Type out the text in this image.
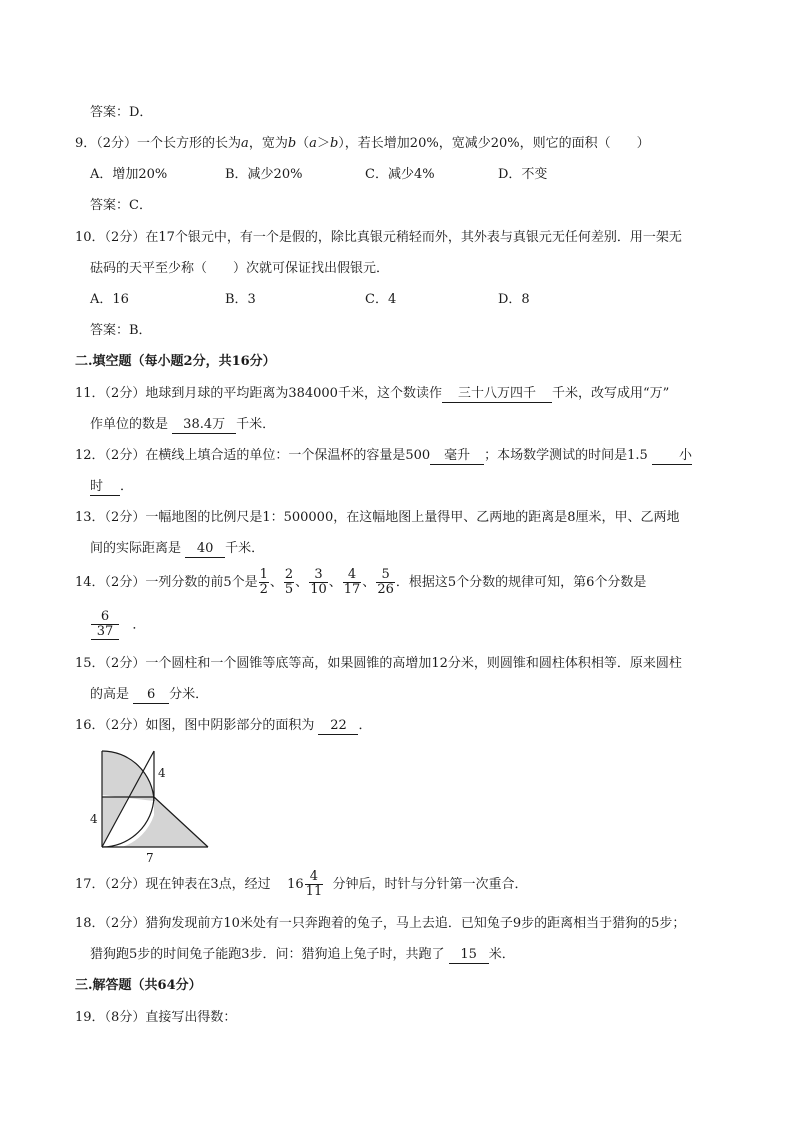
答案：D．
9．（2分）一个长方形的长为a，宽为b（a＞b），若长增加20%，宽减少20%，则它的面积（　　）
A．增加20%	B．减少20%	C．减少4%	D．不变
答案：C．
10．（2分）在17个银元中，有一个是假的，除比真银元稍轻而外，其外表与真银元无任何差别．用一架无
砝码的天平至少称（　　）次就可保证找出假银元．
A．16	B．3	C．4	D．8
答案：B．
二.填空题（每小题2分，共16分）
11．（2分）地球到月球的平均距离为384000千米，这个数读作 三十八万四千 千米，改写成用“万”
作单位的数是 38.4万 千米．
12．（2分）在横线上填合适的单位：一个保温杯的容量是500 毫升 ；本场数学测试的时间是1.5 小
时 ．
13．（2分）一幅地图的比例尺是1：500000，在这幅地图上量得甲、乙两地的距离是8厘米，甲、乙两地
间的实际距离是 40 千米．
14．（2分）一列分数的前5个是 $\frac{1}{2}$ 、 $\frac{2}{5}$ 、 $\frac{3}{10}$ 、 $\frac{4}{17}$ 、 $\frac{5}{26}$ ．根据这5个分数的规律可知，第6个分数是
$\frac{6}{37}$ ．
15．（2分）一个圆柱和一个圆锥等底等高，如果圆锥的高增加12分米，则圆锥和圆柱体积相等．原来圆柱
的高是 6 分米．
16．（2分）如图，图中阴影部分的面积为 22 ．
4
4
7
17．（2分）现在钟表在3点，经过 $16 \frac{4}{11}$ 分钟后，时针与分针第一次重合．
18．（2分）猎狗发现前方10米处有一只奔跑着的兔子，马上去追．已知兔子9步的距离相当于猎狗的5步；
猎狗跑5步的时间兔子能跑3步．问：猎狗追上兔子时，共跑了 15 米．
三.解答题（共64分）
19．（8分）直接写出得数：
